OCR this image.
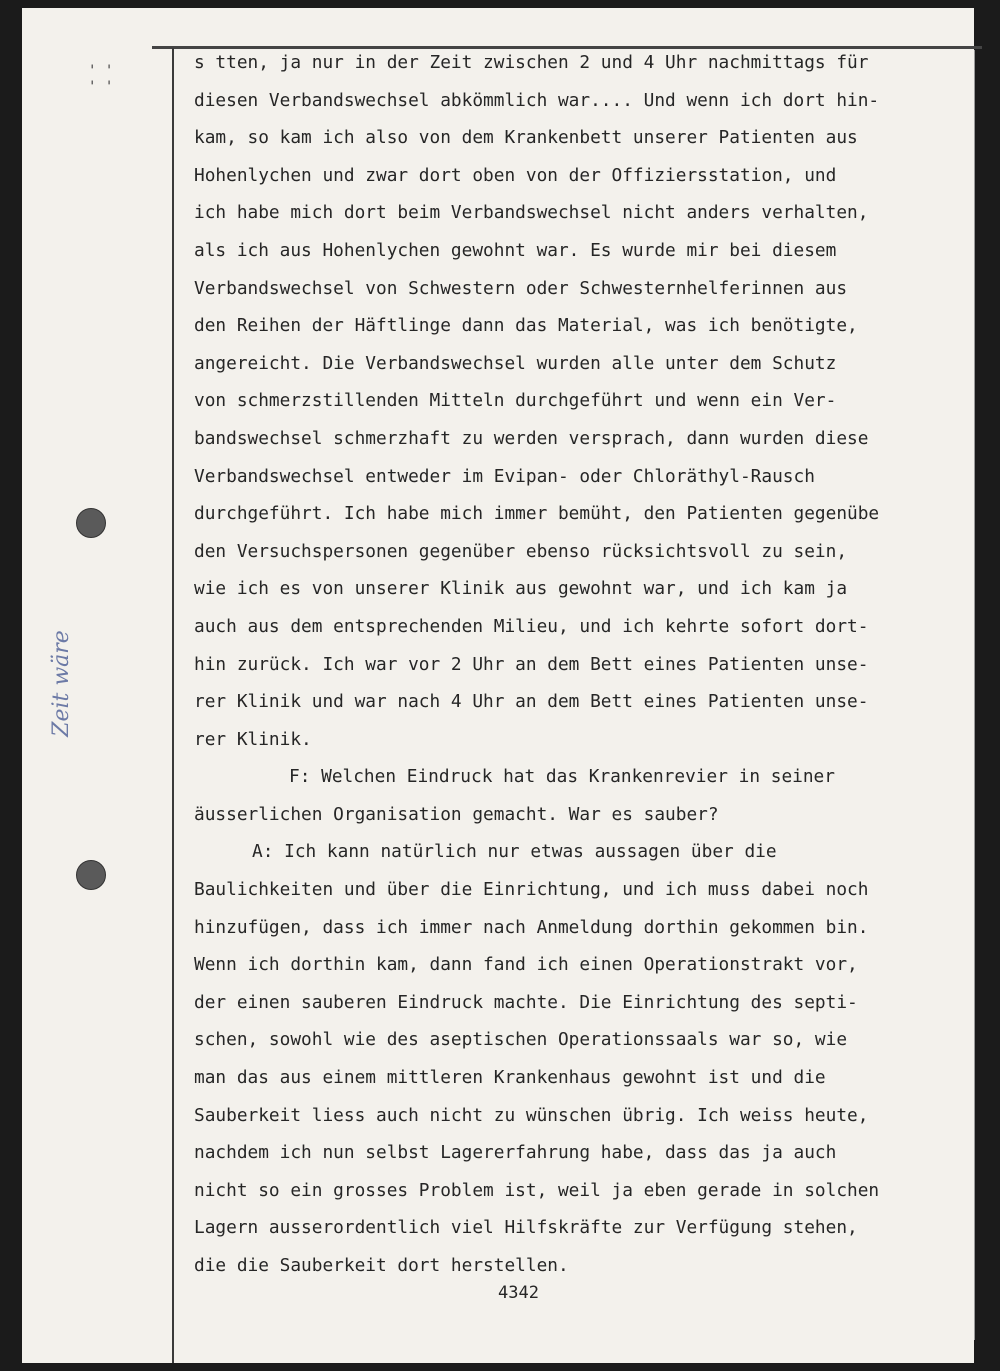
' '
' '
Zeit wäre
s tten, ja nur in der Zeit zwischen 2 und 4 Uhr nachmittags für
diesen Verbandswechsel abkömmlich war.... Und wenn ich dort hin-
kam, so kam ich also von dem Krankenbett unserer Patienten aus
Hohenlychen und zwar dort oben von der Offiziersstation, und
ich habe mich dort beim Verbandswechsel nicht anders verhalten,
als ich aus Hohenlychen gewohnt war. Es wurde mir bei diesem
Verbandswechsel von Schwestern oder Schwesternhelferinnen aus
den Reihen der Häftlinge dann das Material, was ich benötigte,
angereicht. Die Verbandswechsel wurden alle unter dem Schutz
von schmerzstillenden Mitteln durchgeführt und wenn ein Ver-
bandswechsel schmerzhaft zu werden versprach, dann wurden diese
Verbandswechsel entweder im Evipan- oder Chloräthyl-Rausch
durchgeführt. Ich habe mich immer bemüht, den Patienten gegenübe
den Versuchspersonen gegenüber ebenso rücksichtsvoll zu sein,
wie ich es von unserer Klinik aus gewohnt war, und ich kam ja
auch aus dem entsprechenden Milieu, und ich kehrte sofort dort-
hin zurück. Ich war vor 2 Uhr an dem Bett eines Patienten unse-
rer Klinik und war nach 4 Uhr an dem Bett eines Patienten unse-
rer Klinik.
F: Welchen Eindruck hat das Krankenrevier in seiner
äusserlichen Organisation gemacht. War es sauber?
A: Ich kann natürlich nur etwas aussagen über die
Baulichkeiten und über die Einrichtung, und ich muss dabei noch
hinzufügen, dass ich immer nach Anmeldung dorthin gekommen bin.
Wenn ich dorthin kam, dann fand ich einen Operationstrakt vor,
der einen sauberen Eindruck machte. Die Einrichtung des septi-
schen, sowohl wie des aseptischen Operationssaals war so, wie
man das aus einem mittleren Krankenhaus gewohnt ist und die
Sauberkeit liess auch nicht zu wünschen übrig. Ich weiss heute,
nachdem ich nun selbst Lagererfahrung habe, dass das ja auch
nicht so ein grosses Problem ist, weil ja eben gerade in solchen
Lagern ausserordentlich viel Hilfskräfte zur Verfügung stehen,
die die Sauberkeit dort herstellen.
4342
